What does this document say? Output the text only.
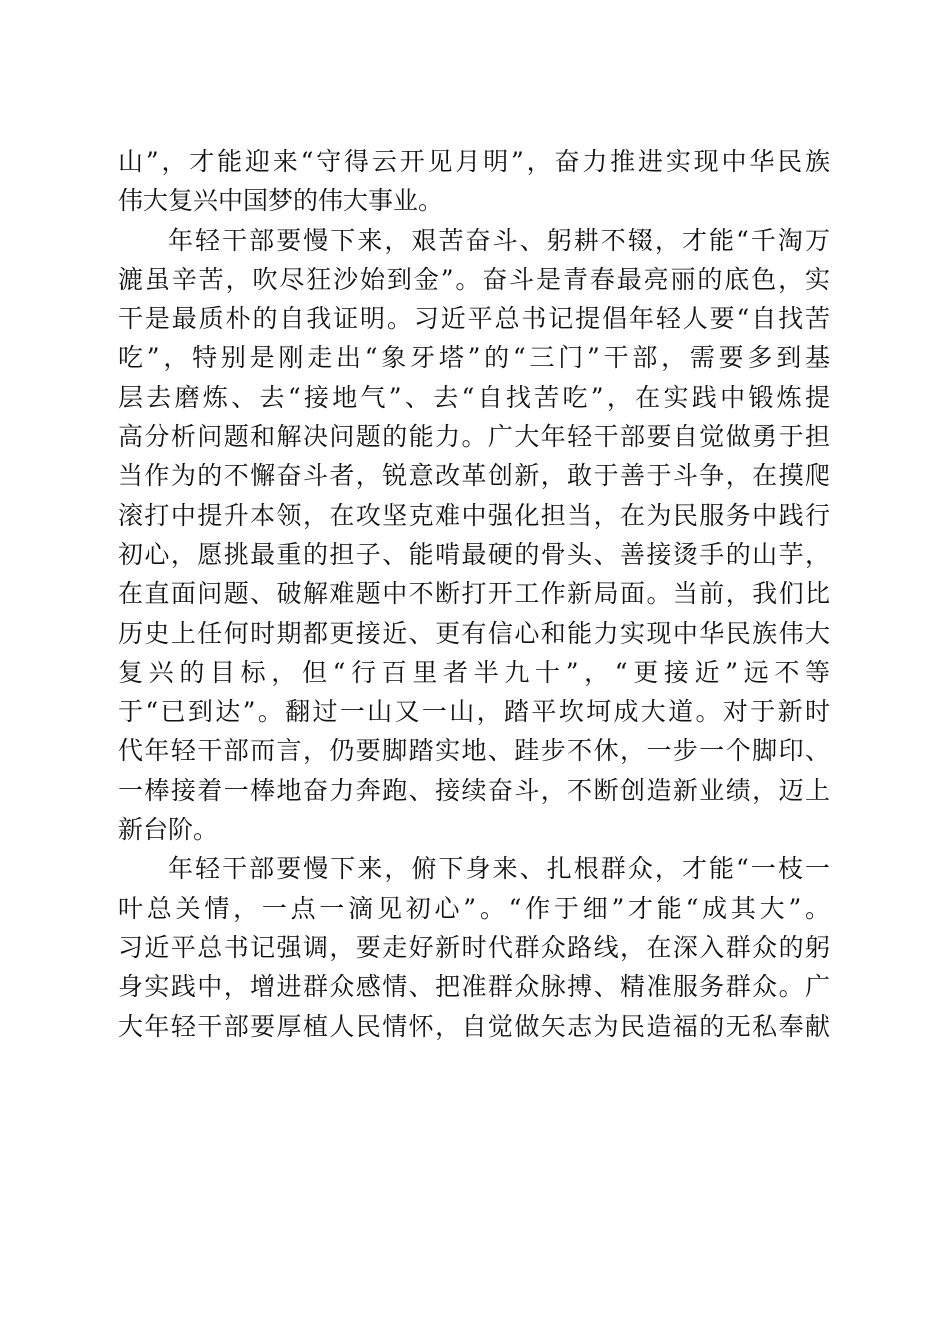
山”，才能迎来“守得云开见月明”，奋力推进实现中华民族
伟大复兴中国梦的伟大事业。
年轻干部要慢下来，艰苦奋斗、躬耕不辍，才能“千淘万
漉虽辛苦，吹尽狂沙始到金”。奋斗是青春最亮丽的底色，实
干是最质朴的自我证明。习近平总书记提倡年轻人要“自找苦
吃”，特别是刚走出“象牙塔”的“三门”干部，需要多到基
层去磨炼、去“接地气”、去“自找苦吃”，在实践中锻炼提
高分析问题和解决问题的能力。广大年轻干部要自觉做勇于担
当作为的不懈奋斗者，锐意改革创新，敢于善于斗争，在摸爬
滚打中提升本领，在攻坚克难中强化担当，在为民服务中践行
初心，愿挑最重的担子、能啃最硬的骨头、善接烫手的山芋，
在直面问题、破解难题中不断打开工作新局面。当前，我们比
历史上任何时期都更接近、更有信心和能力实现中华民族伟大
复兴的目标，但“行百里者半九十”，“更接近”远不等
于“已到达”。翻过一山又一山，踏平坎坷成大道。对于新时
代年轻干部而言，仍要脚踏实地、跬步不休，一步一个脚印、
一棒接着一棒地奋力奔跑、接续奋斗，不断创造新业绩，迈上
新台阶。
年轻干部要慢下来，俯下身来、扎根群众，才能“一枝一
叶总关情，一点一滴见初心”。“作于细”才能“成其大”。
习近平总书记强调，要走好新时代群众路线，在深入群众的躬
身实践中，增进群众感情、把准群众脉搏、精准服务群众。广
大年轻干部要厚植人民情怀，自觉做矢志为民造福的无私奉献
